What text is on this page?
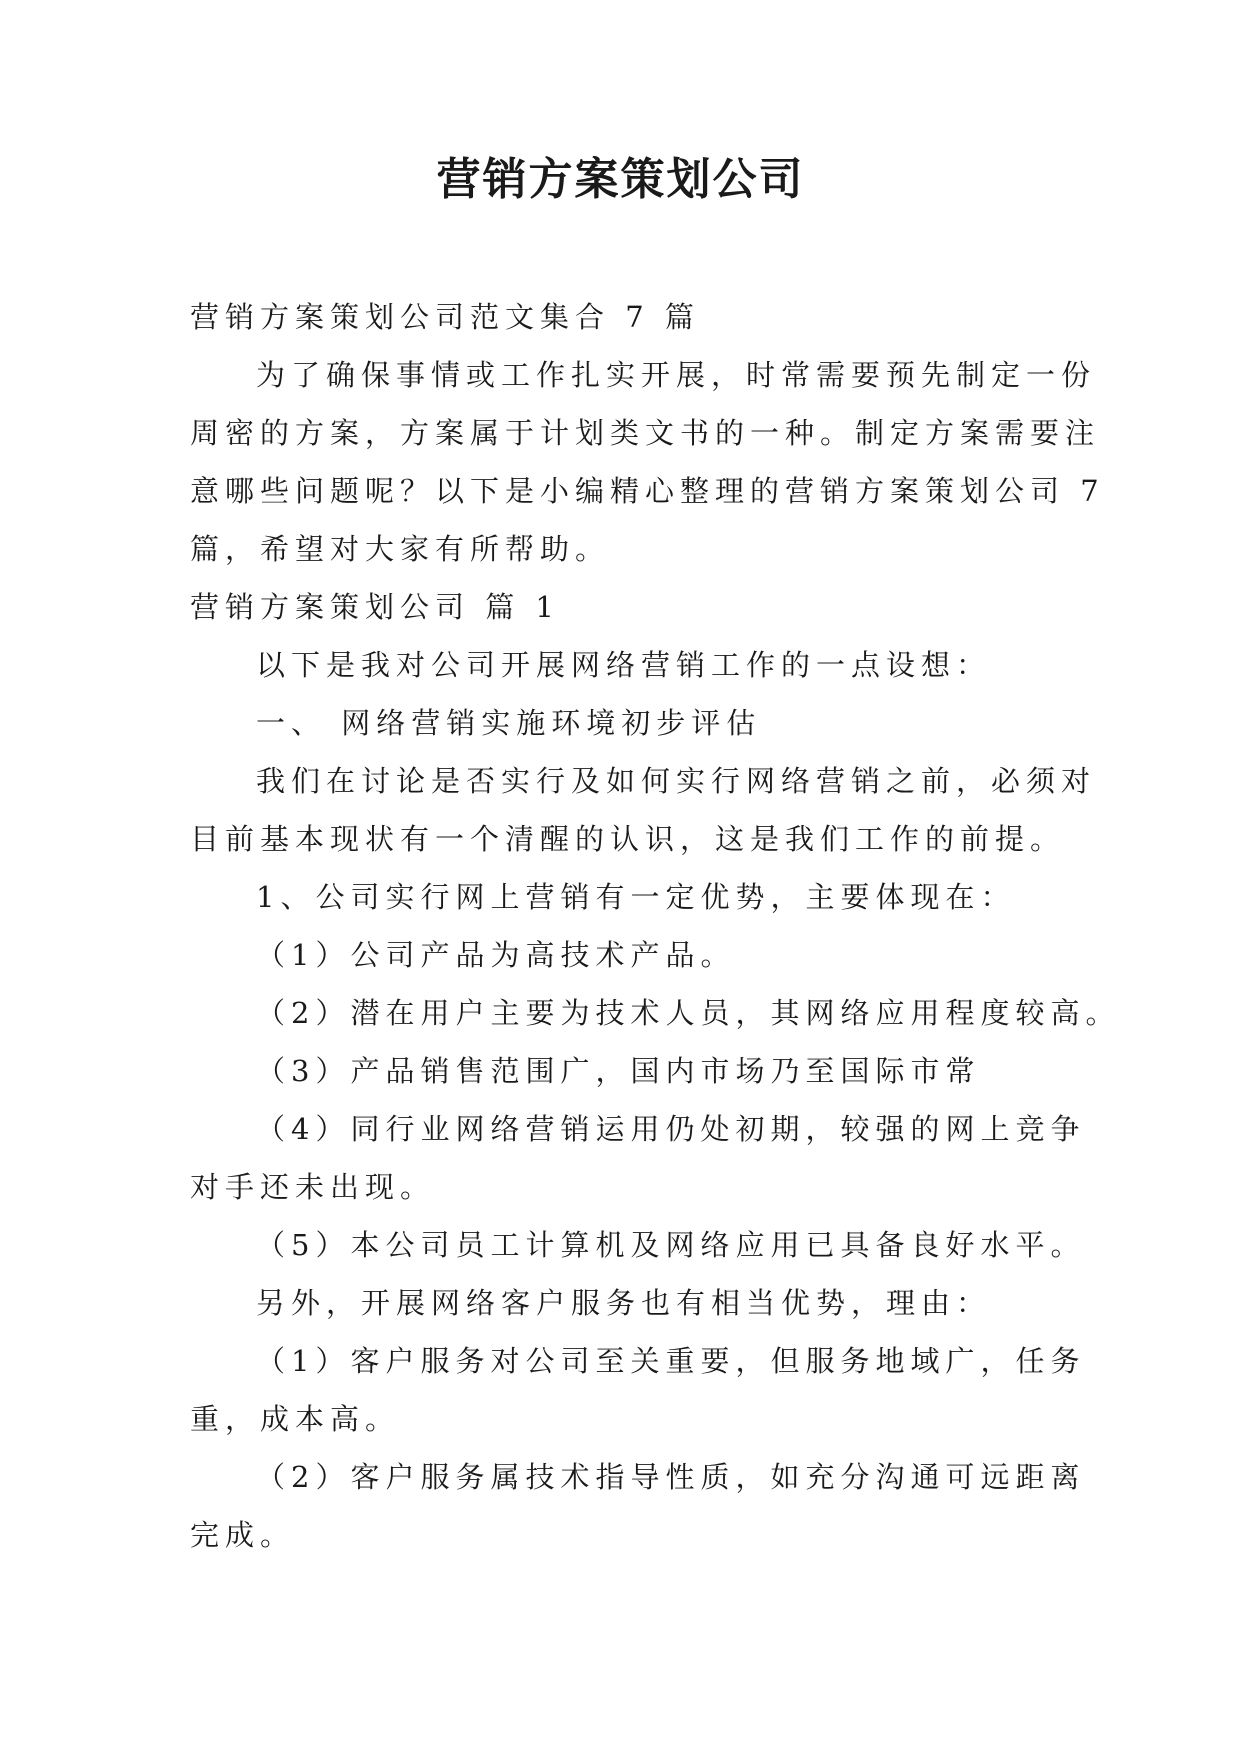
营销方案策划公司

营销方案策划公司范文集合 7 篇

为了确保事情或工作扎实开展，时常需要预先制定一份

周密的方案，方案属于计划类文书的一种。制定方案需要注

意哪些问题呢？以下是小编精心整理的营销方案策划公司 7

篇，希望对大家有所帮助。

营销方案策划公司 篇 1

以下是我对公司开展网络营销工作的一点设想：

一、 网络营销实施环境初步评估

我们在讨论是否实行及如何实行网络营销之前，必须对

目前基本现状有一个清醒的认识，这是我们工作的前提。

1、公司实行网上营销有一定优势，主要体现在：

（1）公司产品为高技术产品。

（2）潜在用户主要为技术人员，其网络应用程度较高。

（3）产品销售范围广，国内市场乃至国际市常

（4）同行业网络营销运用仍处初期，较强的网上竞争

对手还未出现。

（5）本公司员工计算机及网络应用已具备良好水平。

另外，开展网络客户服务也有相当优势，理由：

（1）客户服务对公司至关重要，但服务地域广，任务

重，成本高。

（2）客户服务属技术指导性质，如充分沟通可远距离

完成。
